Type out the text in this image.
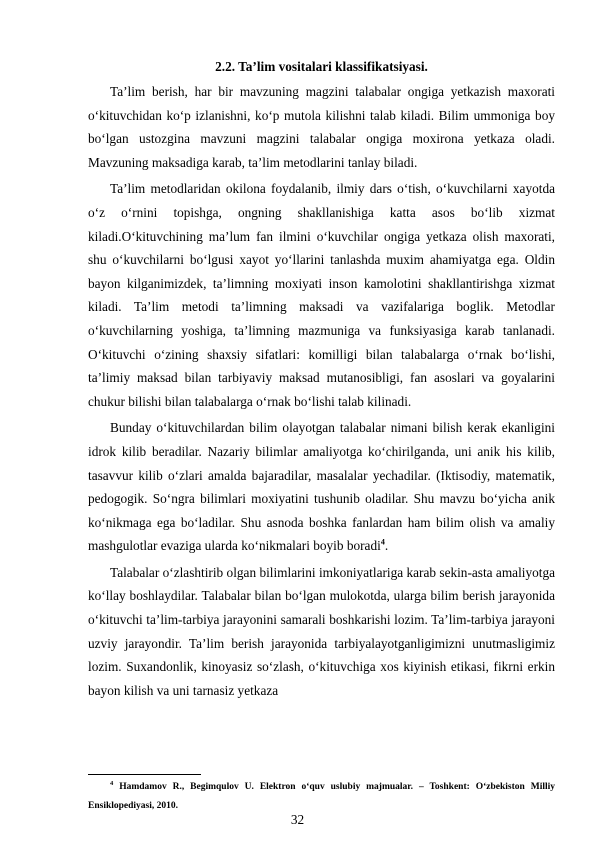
2.2. Ta’lim vositalari klassifikatsiyasi.

Ta’lim berish, har bir mavzuning magzini talabalar ongiga yetkazish maxorati o‘kituvchidan ko‘p izlanishni, ko‘p mutola kilishni talab kiladi. Bilim ummoniga boy bo‘lgan ustozgina mavzuni magzini talabalar ongiga moxirona yetkaza oladi. Mavzuning maksadiga karab, ta’lim metodlarini tanlay biladi.

Ta’lim metodlaridan okilona foydalanib, ilmiy dars o‘tish, o‘kuvchilarni xayotda o‘z o‘rnini topishga, ongning shakllanishiga katta asos bo‘lib xizmat kiladi.O‘kituvchining ma’lum fan ilmini o‘kuvchilar ongiga yetkaza olish maxorati, shu o‘kuvchilarni bo‘lgusi xayot yo‘llarini tanlashda muxim ahamiyatga ega. Oldin bayon kilganimizdek, ta’limning moxiyati inson kamolotini shakllantirishga xizmat kiladi. Ta’lim metodi ta’limning maksadi va vazifalariga boglik. Metodlar o‘kuvchilarning yoshiga, ta’limning mazmuniga va funksiyasiga karab tanlanadi. O‘kituvchi o‘zining shaxsiy sifatlari: komilligi bilan talabalarga o‘rnak bo‘lishi, ta’limiy maksad bilan tarbiyaviy maksad mutanosibligi, fan asoslari va goyalarini chukur bilishi bilan talabalarga o‘rnak bo‘lishi talab kilinadi.

Bunday o‘kituvchilardan bilim olayotgan talabalar nimani bilish kerak ekanligini idrok kilib beradilar. Nazariy bilimlar amaliyotga ko‘chirilganda, uni anik his kilib, tasavvur kilib o‘zlari amalda bajaradilar, masalalar yechadilar. (Iktisodiy, matematik, pedogogik. So‘ngra bilimlari moxiyatini tushunib oladilar. Shu mavzu bo‘yicha anik ko‘nikmaga ega bo‘ladilar. Shu asnoda boshka fanlardan ham bilim olish va amaliy mashgulotlar evaziga ularda ko‘nikmalari boyib boradi$^4$.

Talabalar o‘zlashtirib olgan bilimlarini imkoniyatlariga karab sekin-asta amaliyotga ko‘llay boshlaydilar. Talabalar bilan bo‘lgan mulokotda, ularga bilim berish jarayonida o‘kituvchi ta’lim-tarbiya jarayonini samarali boshkarishi lozim. Ta’lim-tarbiya jarayoni uzviy jarayondir. Ta’lim berish jarayonida tarbiyalayotganligimizni unutmasligimiz lozim. Suxandonlik, kinoyasiz so‘zlash, o‘kituvchiga xos kiyinish etikasi, fikrni erkin bayon kilish va uni tarnasiz yetkaza

$^4$ Hamdamov R., Begimqulov U. Elektron o‘quv uslubiy majmualar. – Toshkent: O‘zbekiston Milliy Ensiklopediyasi, 2010.
32
